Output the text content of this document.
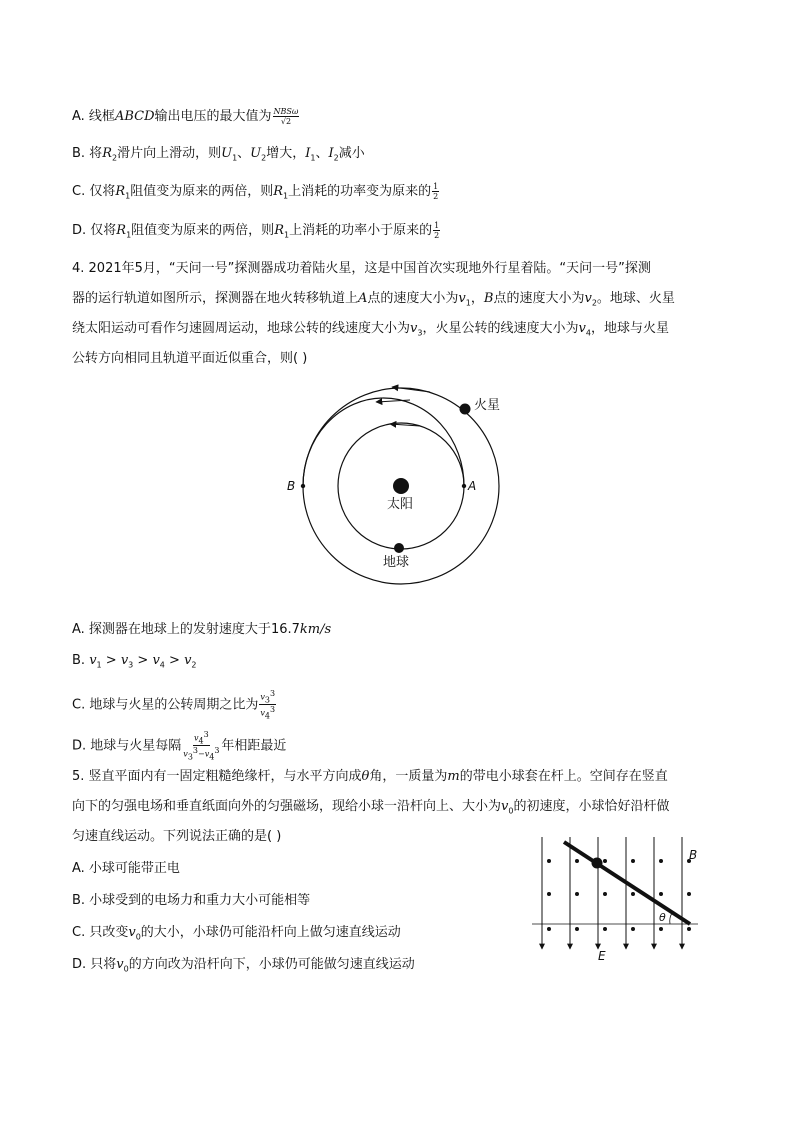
A. 线框ABCD输出电压的最大值为 $\frac{\text{NBSω}}{√2}$
B. 将$R_2$滑片向上滑动，则$U_1$、$U_2$增大，$I_1$、$I_2$减小
C. 仅将$R_1$阻值变为原来的两倍，则$R_1$上消耗的功率变为原来的 $\frac{1}{2}$
D. 仅将$R_1$阻值变为原来的两倍，则$R_1$上消耗的功率小于原来的 $\frac{1}{2}$
4. 2021年5月，“天问一号”探测器成功着陆火星，这是中国首次实现地外行星着陆。“天问一号”探测
器的运行轨道如图所示，探测器在地火转移轨道上A点的速度大小为$v_1$，B点的速度大小为$v_2$。地球、火星
绕太阳运动可看作匀速圆周运动，地球公转的线速度大小为$v_3$，火星公转的线速度大小为$v_4$，地球与火星
公转方向相同且轨道平面近似重合，则( )
太阳
地球
火星
A
B
A. 探测器在地球上的发射速度大于16.7km/s
B. $v_1 > v_3 > v_4 > v_2$
C. 地球与火星的公转周期之比为 $\frac{v_3^3}{v_4^3}$
D. 地球与火星每隔 $\frac{v_4^3}{v_3^3-v_4^3}$ 年相距最近
5. 竖直平面内有一固定粗糙绝缘杆，与水平方向成θ角，一质量为m的带电小球套在杆上。空间存在竖直
向下的匀强电场和垂直纸面向外的匀强磁场，现给小球一沿杆向上、大小为$v_0$的初速度，小球恰好沿杆做
匀速直线运动。下列说法正确的是( )
A. 小球可能带正电
B. 小球受到的电场力和重力大小可能相等
C. 只改变$v_0$的大小，小球仍可能沿杆向上做匀速直线运动
D. 只将$v_0$的方向改为沿杆向下，小球仍可能做匀速直线运动
θ
B
E
